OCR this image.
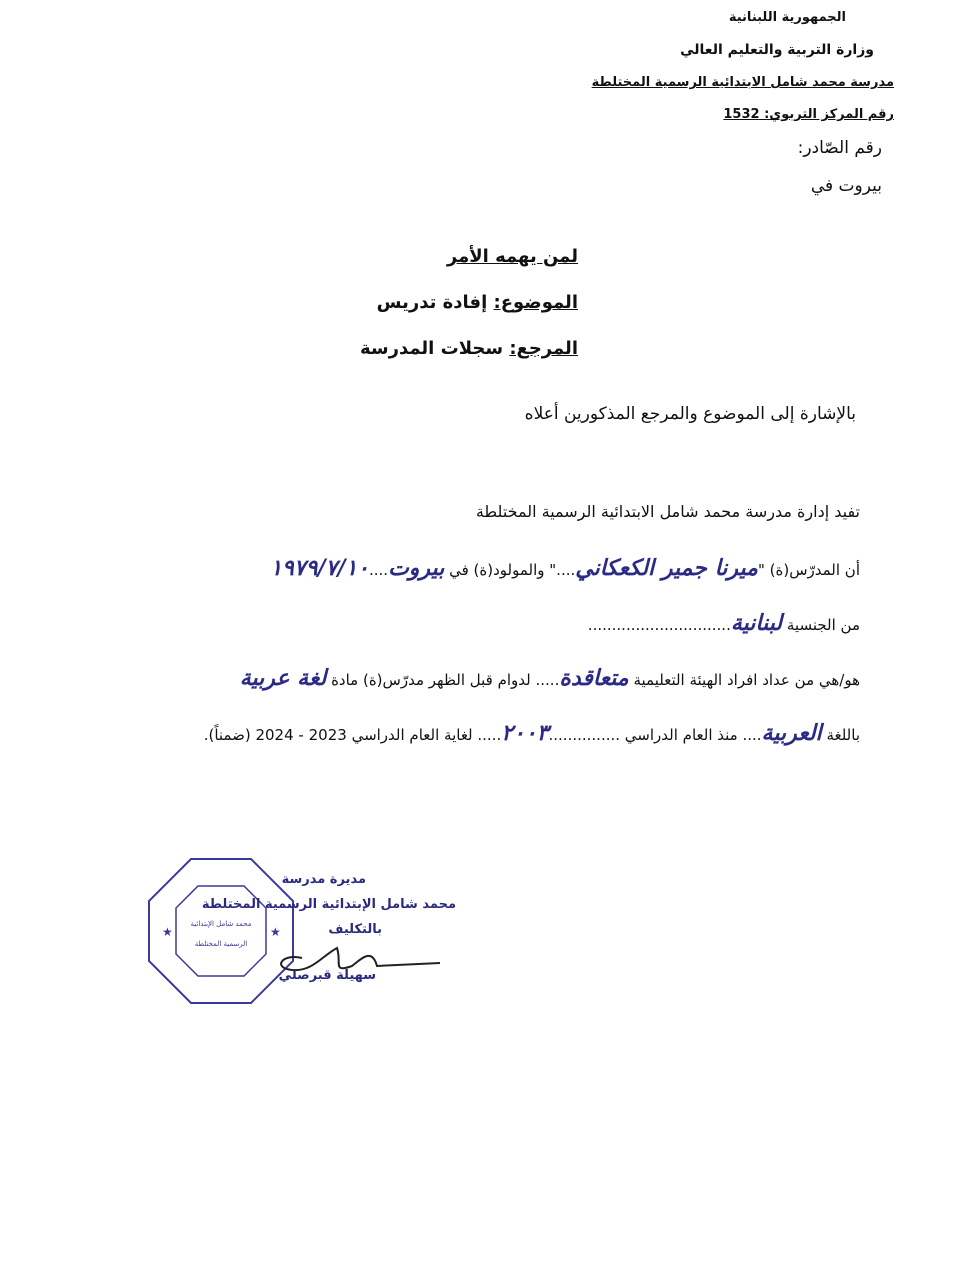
الجمهورية اللبنانية
وزارة التربية والتعليم العالي
مدرسة محمد شامل الابتدائية الرسمية المختلطة
رقم المركز التربوي: 1532
رقم الصّادر:
بيروت في
لمن يهمه الأمر
الموضوع: إفادة تدريس
المرجع: سجلات المدرسة
بالإشارة إلى الموضوع والمرجع المذكورين أعلاه
تفيد إدارة مدرسة محمد شامل الابتدائية الرسمية المختلطة
أن المدرّس(ة) "ميرنا جمير الكعكاني...." والمولود(ة) في بيروت....١٩٧٩/٧/١٠
من الجنسية لبنانية..............................
هو/هي من عداد افراد الهيئة التعليمية متعاقدة..... لدوام قبل الظهر مدرّس(ة) مادة لغة عربية
باللغة العربية.... منذ العام الدراسي ...............٢٠٠٣..... لغاية العام الدراسي 2023 - 2024 (ضمناً).
محمد شامل الإبتدائية
الرسمية المختلطة
★	★
مديرة مدرسة
محمد شامل الإبتدائية الرسمية المختلطة
بالتكليف
سهيلة قبرصلي
